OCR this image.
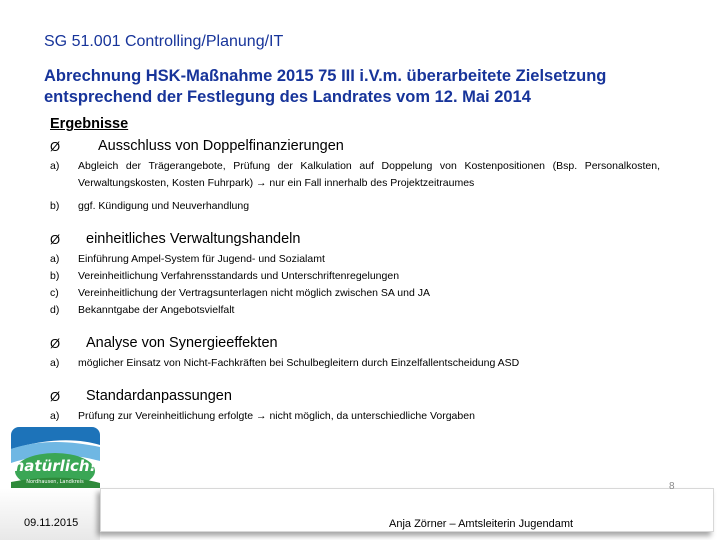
SG 51.001 Controlling/Planung/IT
Abrechnung HSK-Maßnahme 2015 75 III i.V.m. überarbeitete Zielsetzung
entsprechend der Festlegung des Landrates vom 12. Mai 2014
Ergebnisse
Ø	Ausschluss von Doppelfinanzierungen
a)	Abgleich der Trägerangebote, Prüfung der Kalkulation auf Doppelung von Kostenpositionen (Bsp. Personalkosten, Verwaltungskosten, Kosten Fuhrpark) → nur ein Fall innerhalb des Projektzeitraumes
b)	ggf. Kündigung und Neuverhandlung
Ø	einheitliches Verwaltungshandeln
a)	Einführung Ampel-System für Jugend- und Sozialamt
b)	Vereinheitlichung Verfahrensstandards und Unterschriftenregelungen
c)	Vereinheitlichung der Vertragsunterlagen nicht möglich zwischen SA und JA
d)	Bekanntgabe der Angebotsvielfalt
Ø	Analyse von Synergieeffekten
a)	möglicher Einsatz von Nicht-Fachkräften bei Schulbegleitern durch Einzelfallentscheidung ASD
Ø	Standardanpassungen
a)	Prüfung zur Vereinheitlichung erfolgte → nicht möglich, da unterschiedliche Vorgaben
natürlich!
Nordhausen, Landkreis
09.11.2015	Anja Zörner – Amtsleiterin Jugendamt
8
